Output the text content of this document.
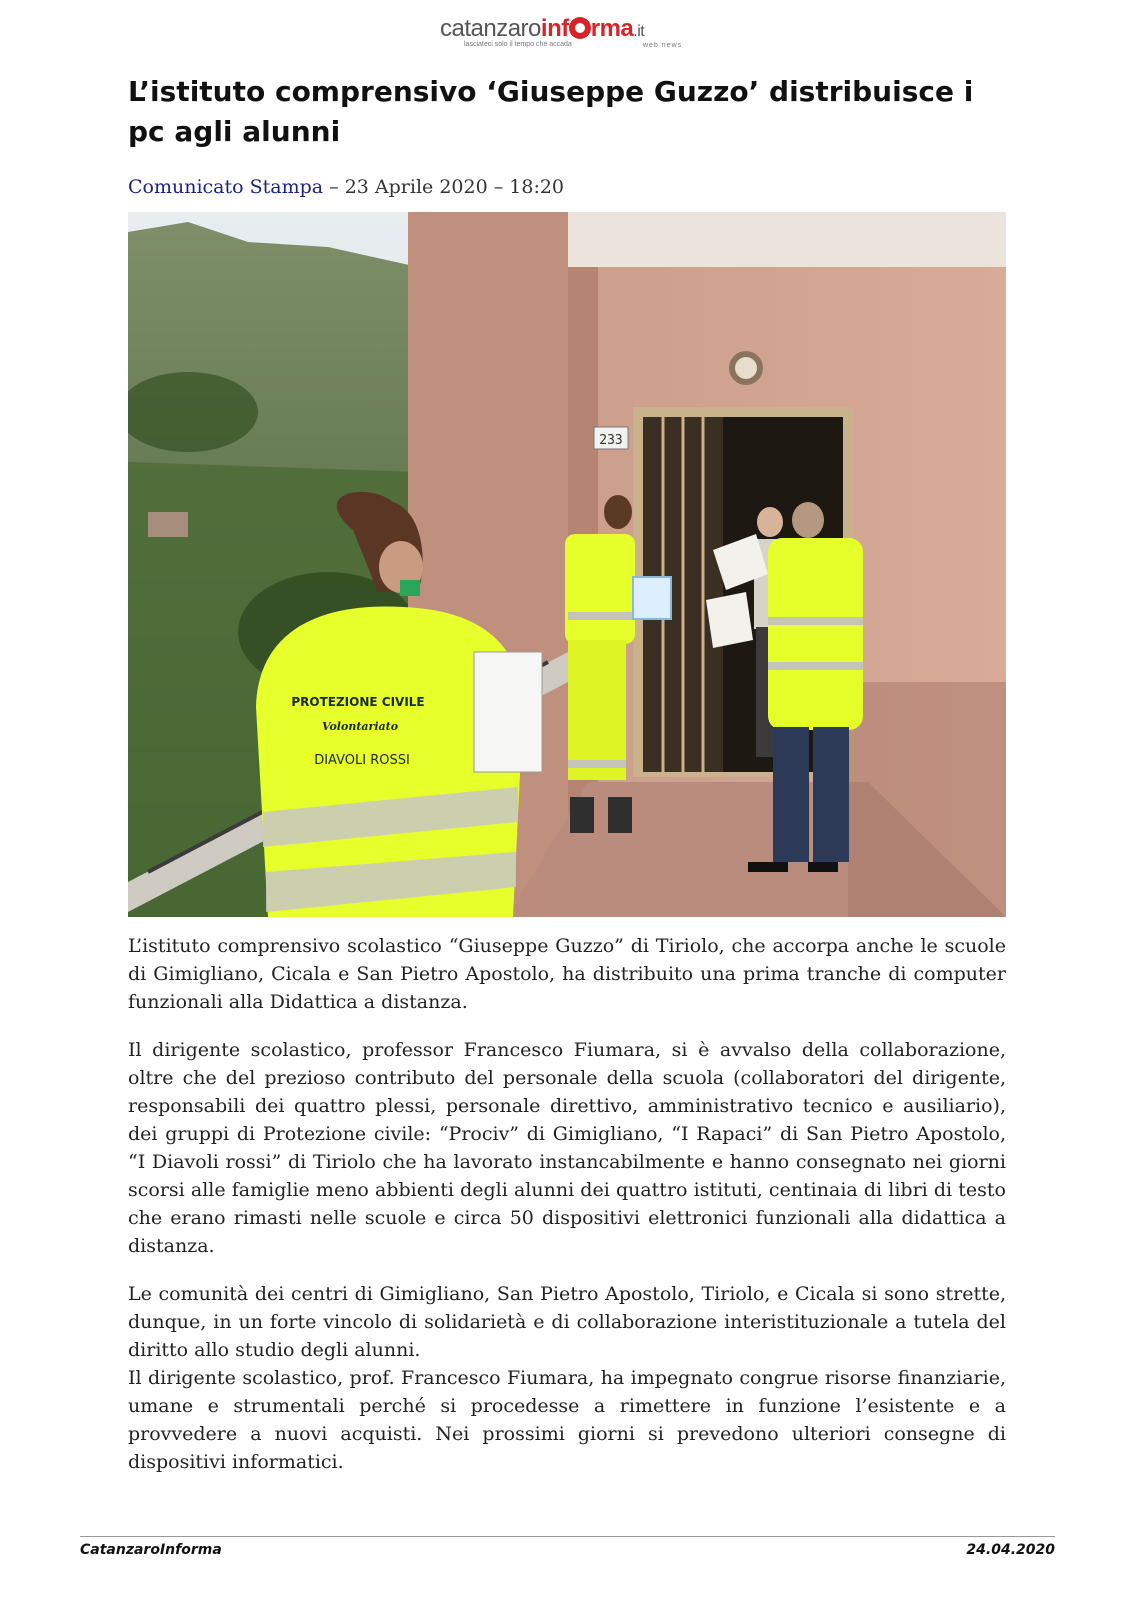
catanzaroinf rma.it
lasciateci solo il tempo che accada	web news
L’istituto comprensivo ‘Giuseppe Guzzo’ distribuisce i pc agli alunni
Comunicato Stampa – 23 Aprile 2020 – 18:20
233
PROTEZIONE CIVILE
Volontariato
DIAVOLI ROSSI

L’istituto comprensivo scolastico “Giuseppe Guzzo” di Tiriolo, che accorpa anche le scuole di Gimigliano, Cicala e San Pietro Apostolo, ha distribuito una prima tranche di computer funzionali alla Didattica a distanza.

Il dirigente scolastico, professor Francesco Fiumara, si è avvalso della collaborazione, oltre che del prezioso contributo del personale della scuola (collaboratori del dirigente, responsabili dei quattro plessi, personale direttivo, amministrativo tecnico e ausiliario), dei gruppi di Protezione civile: “Prociv” di Gimigliano, “I Rapaci” di San Pietro Apostolo, “I Diavoli rossi” di Tiriolo che ha lavorato instancabilmente e hanno consegnato nei giorni scorsi alle famiglie meno abbienti degli alunni dei quattro istituti, centinaia di libri di testo che erano rimasti nelle scuole e circa 50 dispositivi elettronici funzionali alla didattica a distanza.

Le comunità dei centri di Gimigliano, San Pietro Apostolo, Tiriolo, e Cicala si sono strette, dunque, in un forte vincolo di solidarietà e di collaborazione interistituzionale a tutela del diritto allo studio degli alunni.

Il dirigente scolastico, prof. Francesco Fiumara, ha impegnato congrue risorse finanziarie, umane e strumentali perché si procedesse a rimettere in funzione l’esistente e a provvedere a nuovi acquisti. Nei prossimi giorni si prevedono ulteriori consegne di dispositivi informatici.

CatanzaroInforma	24.04.2020
